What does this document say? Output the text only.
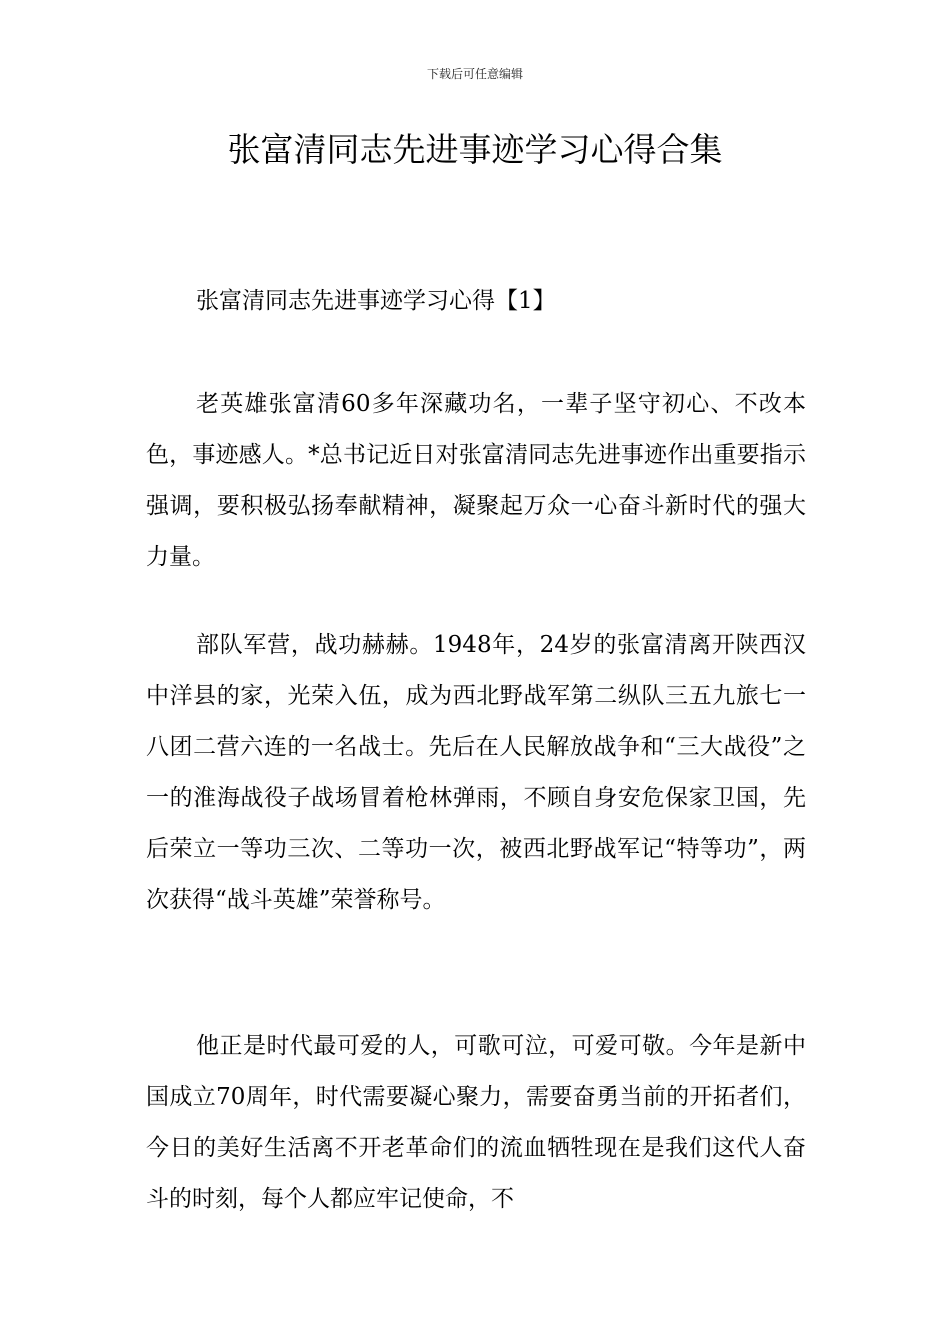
下载后可任意编辑
张富清同志先进事迹学习心得合集
张富清同志先进事迹学习心得【1】

老英雄张富清60多年深藏功名，一辈子坚守初心、不改本色，事迹感人。*总书记近日对张富清同志先进事迹作出重要指示强调，要积极弘扬奉献精神，凝聚起万众一心奋斗新时代的强大力量。

部队军营，战功赫赫。1948年，24岁的张富清离开陕西汉中洋县的家，光荣入伍，成为西北野战军第二纵队三五九旅七一八团二营六连的一名战士。先后在人民解放战争和“三大战役”之一的淮海战役子战场冒着枪林弹雨，不顾自身安危保家卫国，先后荣立一等功三次、二等功一次，被西北野战军记“特等功”，两次获得“战斗英雄”荣誉称号。

他正是时代最可爱的人，可歌可泣，可爱可敬。今年是新中国成立70周年，时代需要凝心聚力，需要奋勇当前的开拓者们，今日的美好生活离不开老革命们的流血牺牲现在是我们这代人奋斗的时刻，每个人都应牢记使命，不
